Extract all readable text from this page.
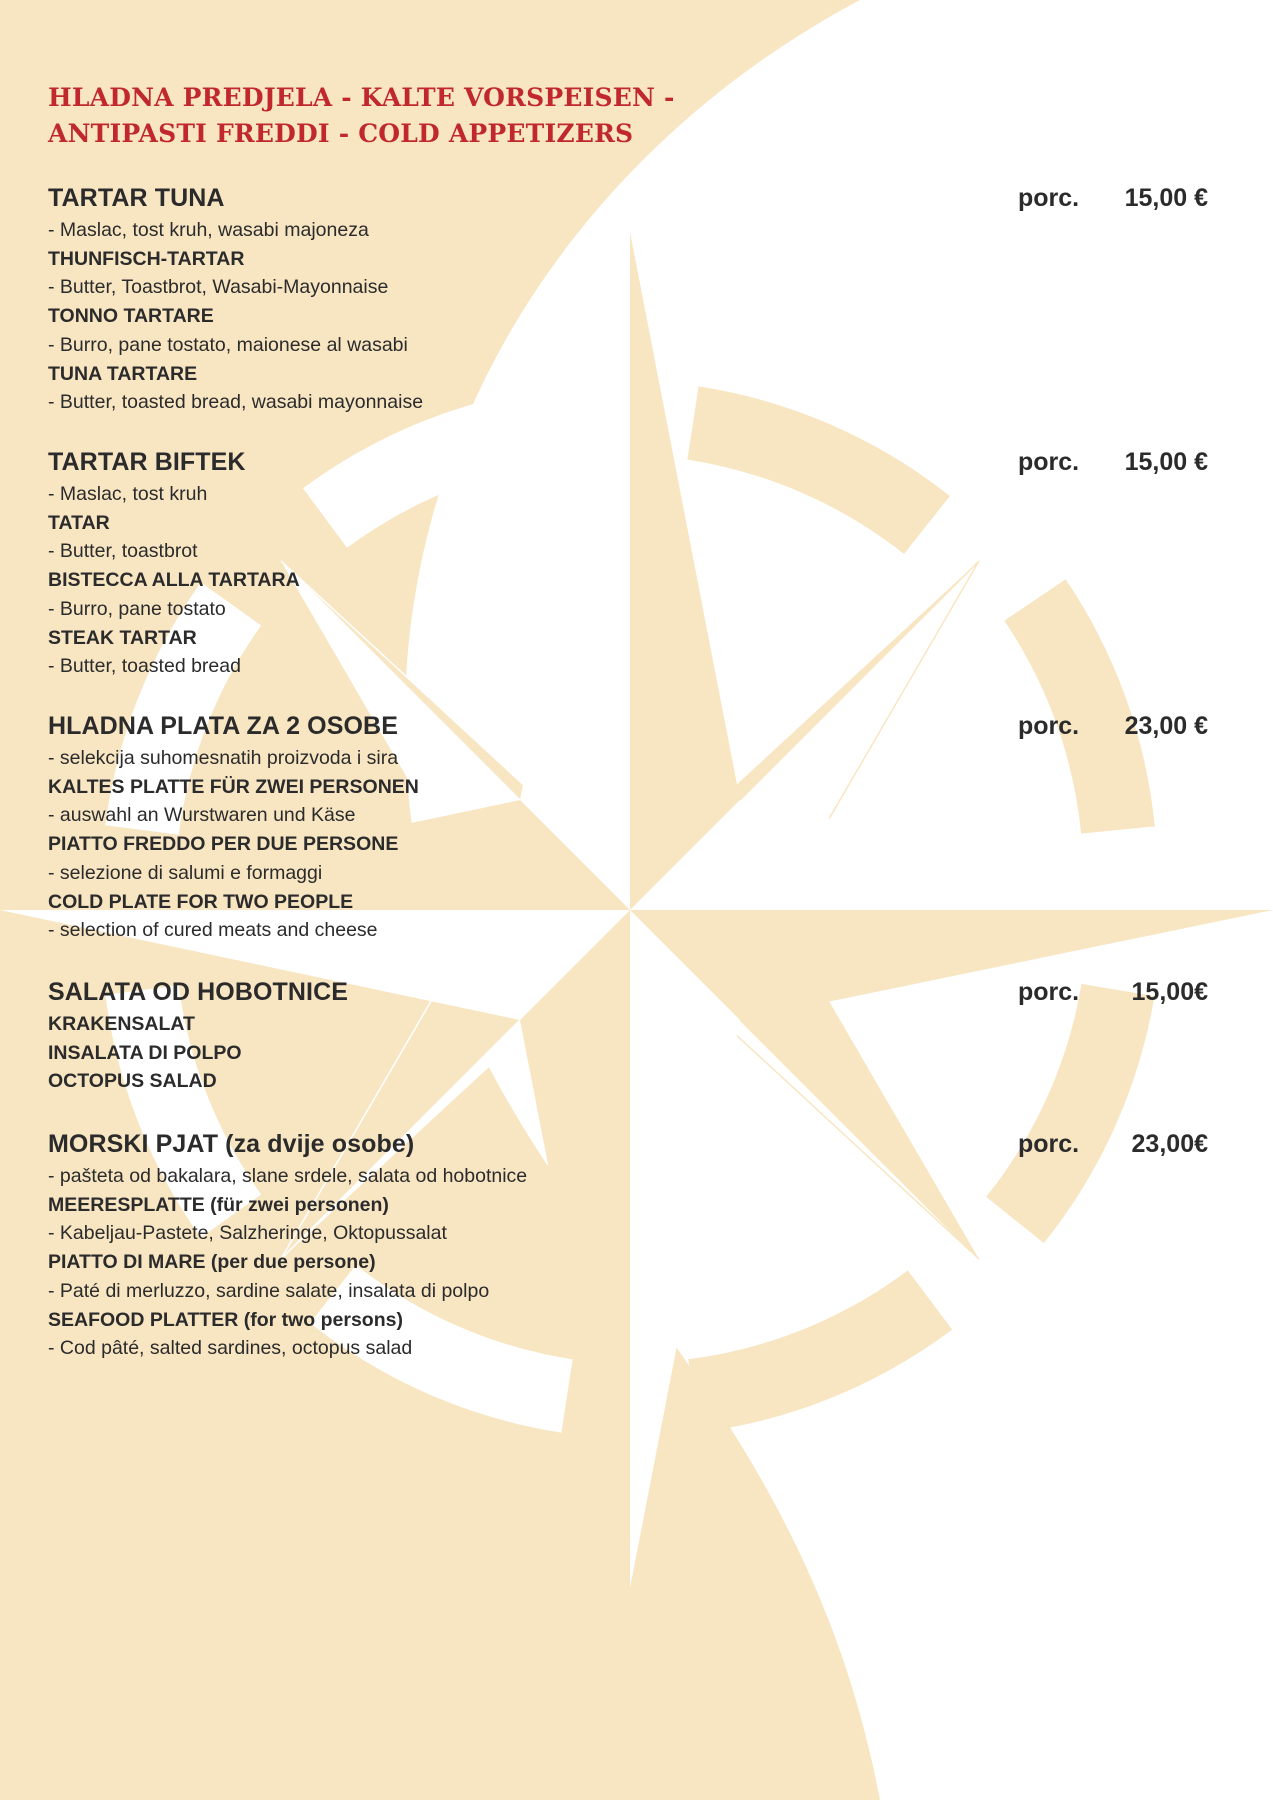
HLADNA PREDJELA - KALTE VORSPEISEN -
ANTIPASTI FREDDI - COLD APPETIZERS
TARTAR TUNA	porc. 15,00 €
- Maslac, tost kruh, wasabi majoneza
THUNFISCH-TARTAR
- Butter, Toastbrot, Wasabi-Mayonnaise
TONNO TARTARE
- Burro, pane tostato, maionese al wasabi
TUNA TARTARE
- Butter, toasted bread, wasabi mayonnaise
TARTAR BIFTEK	porc. 15,00 €
- Maslac, tost kruh
TATAR
- Butter, toastbrot
BISTECCA ALLA TARTARA
- Burro, pane tostato
STEAK TARTAR
- Butter, toasted bread
HLADNA PLATA ZA 2 OSOBE	porc. 23,00 €
- selekcija suhomesnatih proizvoda i sira
KALTES PLATTE FÜR ZWEI PERSONEN
- auswahl an Wurstwaren und Käse
PIATTO FREDDO PER DUE PERSONE
- selezione di salumi e formaggi
COLD PLATE FOR TWO PEOPLE
- selection of cured meats and cheese
SALATA OD HOBOTNICE	porc. 15,00€
KRAKENSALAT
INSALATA DI POLPO
OCTOPUS SALAD
MORSKI PJAT (za dvije osobe)	porc. 23,00€
- pašteta od bakalara, slane srdele, salata od hobotnice
MEERESPLATTE (für zwei personen)
- Kabeljau-Pastete, Salzheringe, Oktopussalat
PIATTO DI MARE (per due persone)
- Paté di merluzzo, sardine salate, insalata di polpo
SEAFOOD PLATTER (for two persons)
- Cod pâté, salted sardines, octopus salad
